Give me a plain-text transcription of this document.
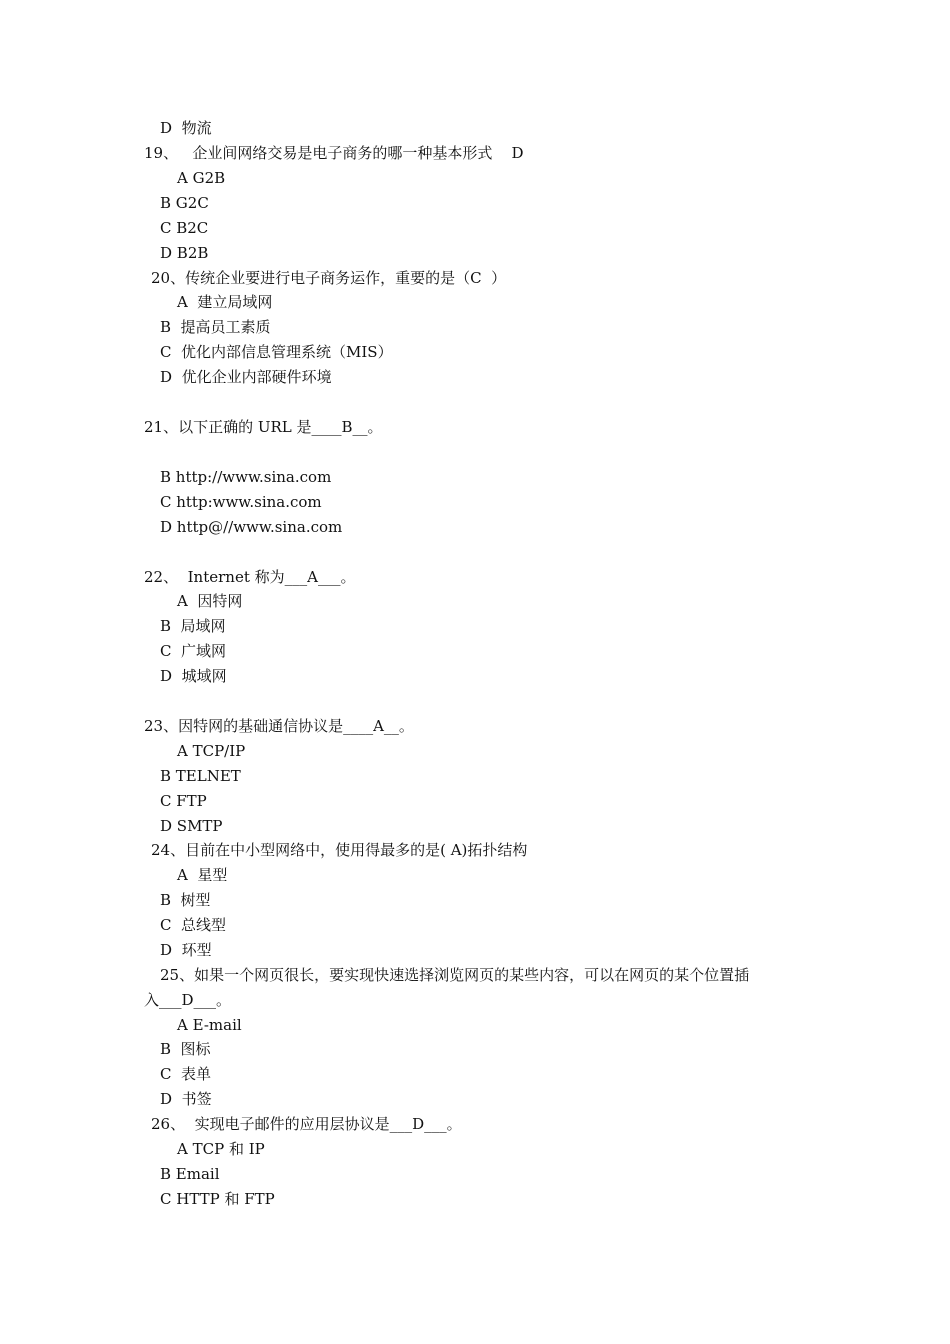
D  物流
19、   企业间网络交易是电子商务的哪一种基本形式    D
A G2B
B G2C
C B2C
D B2B
20、传统企业要进行电子商务运作，重要的是（C  ）
A  建立局域网
B  提高员工素质
C  优化内部信息管理系统（MIS）
D  优化企业内部硬件环境
21、以下正确的 URL 是____B__。
B http://www.sina.com
C http:www.sina.com
D http@//www.sina.com
22、  Internet 称为___A___。
A  因特网
B  局域网
C  广域网
D  城域网
23、因特网的基础通信协议是____A__。
A TCP/IP
B TELNET
C FTP
D SMTP
24、目前在中小型网络中，使用得最多的是( A)拓扑结构
A  星型
B  树型
C  总线型
D  环型
25、如果一个网页很长，要实现快速选择浏览网页的某些内容，可以在网页的某个位置插
入___D___。
A E-mail
B  图标
C  表单
D  书签
26、  实现电子邮件的应用层协议是___D___。
A TCP 和 IP
B Email
C HTTP 和 FTP
